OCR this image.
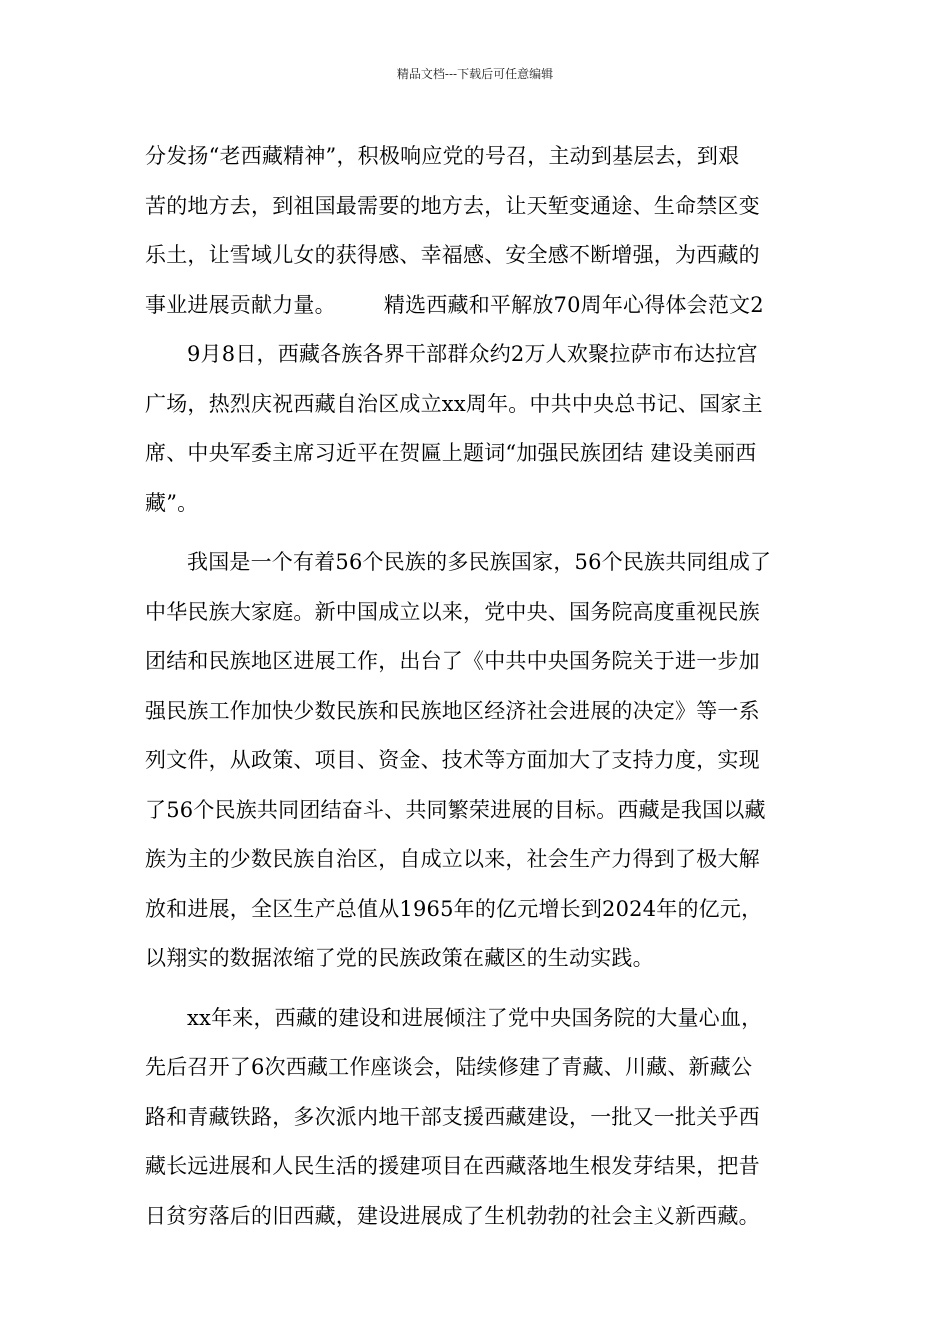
精品文档---下载后可任意编辑
分发扬“老西藏精神”，积极响应党的号召，主动到基层去，到艰
苦的地方去，到祖国最需要的地方去，让天堑变通途、生命禁区变
乐土，让雪域儿女的获得感、幸福感、安全感不断增强，为西藏的
事业进展贡献力量。       精选西藏和平解放70周年心得体会范文2
9月8日，西藏各族各界干部群众约2万人欢聚拉萨市布达拉宫
广场，热烈庆祝西藏自治区成立xx周年。中共中央总书记、国家主
席、中央军委主席习近平在贺匾上题词“加强民族团结 建设美丽西
藏”。
我国是一个有着56个民族的多民族国家，56个民族共同组成了
中华民族大家庭。新中国成立以来，党中央、国务院高度重视民族
团结和民族地区进展工作，出台了《中共中央国务院关于进一步加
强民族工作加快少数民族和民族地区经济社会进展的决定》等一系
列文件，从政策、项目、资金、技术等方面加大了支持力度，实现
了56个民族共同团结奋斗、共同繁荣进展的目标。西藏是我国以藏
族为主的少数民族自治区，自成立以来，社会生产力得到了极大解
放和进展，全区生产总值从1965年的亿元增长到2024年的亿元，
以翔实的数据浓缩了党的民族政策在藏区的生动实践。
xx年来，西藏的建设和进展倾注了党中央国务院的大量心血，
先后召开了6次西藏工作座谈会，陆续修建了青藏、川藏、新藏公
路和青藏铁路，多次派内地干部支援西藏建设，一批又一批关乎西
藏长远进展和人民生活的援建项目在西藏落地生根发芽结果，把昔
日贫穷落后的旧西藏，建设进展成了生机勃勃的社会主义新西藏。
